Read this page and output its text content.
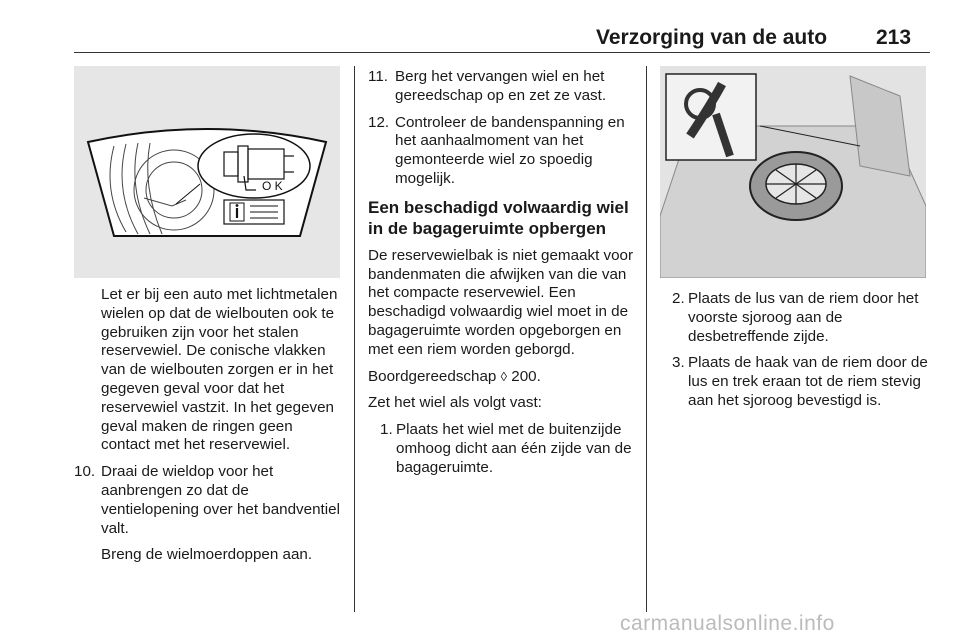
Verzorging van de auto 213
O K

Let er bij een auto met lichtmetalen wielen op dat de wielbouten ook te gebruiken zijn voor het stalen reservewiel. De conische vlakken van de wielbouten zorgen er in het gegeven geval voor dat het reservewiel vastzit. In het gegeven geval maken de ringen geen contact met het reservewiel.

10. Draai de wieldop voor het aanbrengen zo dat de ventielopening over het bandventiel valt.

Breng de wielmoerdoppen aan.

11. Berg het vervangen wiel en het gereedschap op en zet ze vast.
12. Controleer de bandenspanning en het aanhaalmoment van het gemonteerde wiel zo spoedig mogelijk.
Een beschadigd volwaardig wiel in de bagageruimte opbergen

De reservewielbak is niet gemaakt voor bandenmaten die afwijken van die van het compacte reservewiel. Een beschadigd volwaardig wiel moet in de bagageruimte worden opgeborgen en met een riem worden geborgd.

Boordgereedschap ◊ 200.

Zet het wiel als volgt vast:

1. Plaats het wiel met de buitenzijde omhoog dicht aan één zijde van de bagageruimte.
2. Plaats de lus van de riem door het voorste sjoroog aan de desbetreffende zijde.
3. Plaats de haak van de riem door de lus en trek eraan tot de riem stevig aan het sjoroog bevestigd is.
carmanualsonline.info
